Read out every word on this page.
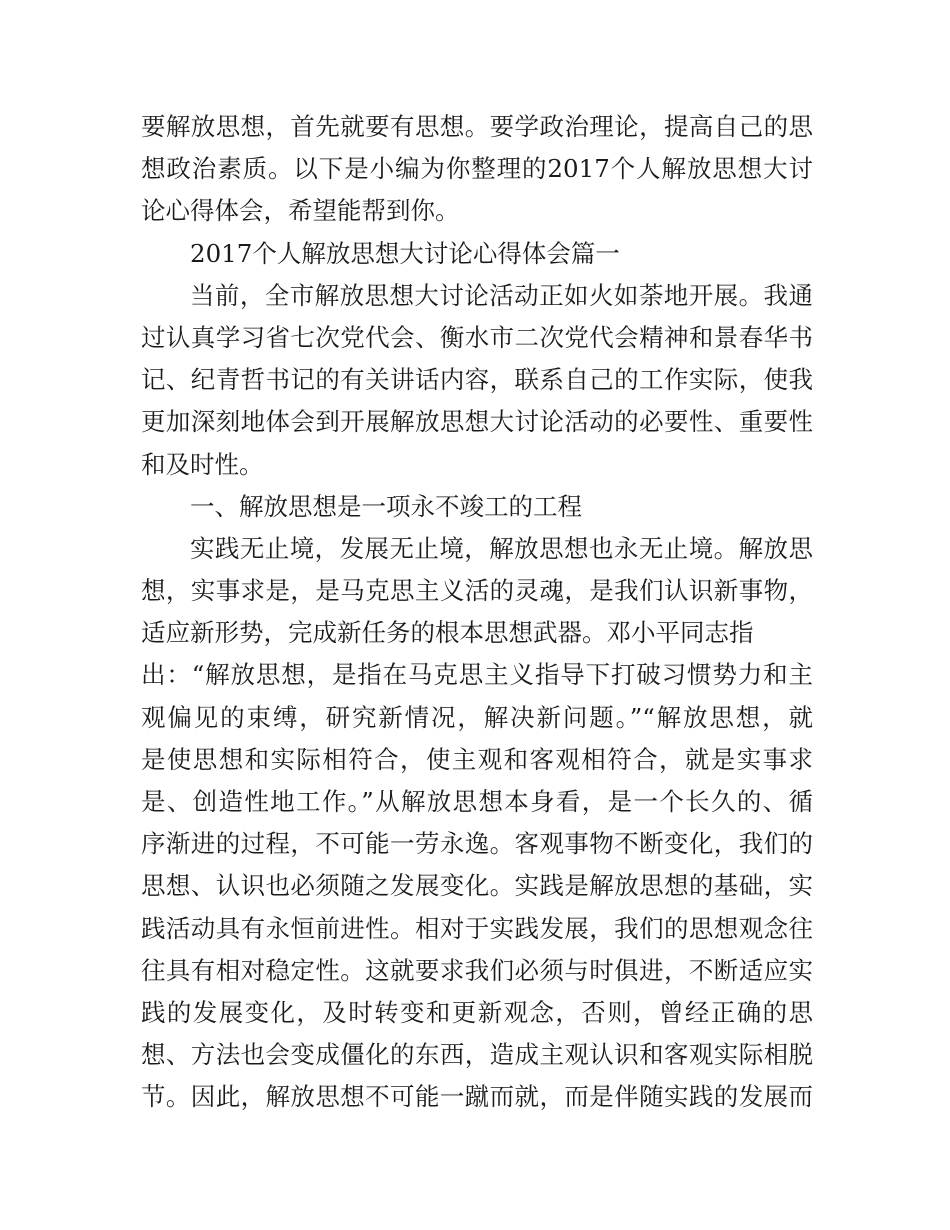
要解放思想，首先就要有思想。要学政治理论，提高自己的思
想政治素质。以下是小编为你整理的2017个人解放思想大讨
论心得体会，希望能帮到你。
2017个人解放思想大讨论心得体会篇一
当前，全市解放思想大讨论活动正如火如荼地开展。我通
过认真学习省七次党代会、衡水市二次党代会精神和景春华书
记、纪青哲书记的有关讲话内容，联系自己的工作实际，使我
更加深刻地体会到开展解放思想大讨论活动的必要性、重要性
和及时性。
一、解放思想是一项永不竣工的工程
实践无止境，发展无止境，解放思想也永无止境。解放思
想，实事求是，是马克思主义活的灵魂，是我们认识新事物，
适应新形势，完成新任务的根本思想武器。邓小平同志指
出：“解放思想，是指在马克思主义指导下打破习惯势力和主
观偏见的束缚，研究新情况，解决新问题。”“解放思想，就
是使思想和实际相符合，使主观和客观相符合，就是实事求
是、创造性地工作。”从解放思想本身看，是一个长久的、循
序渐进的过程，不可能一劳永逸。客观事物不断变化，我们的
思想、认识也必须随之发展变化。实践是解放思想的基础，实
践活动具有永恒前进性。相对于实践发展，我们的思想观念往
往具有相对稳定性。这就要求我们必须与时俱进，不断适应实
践的发展变化，及时转变和更新观念，否则，曾经正确的思
想、方法也会变成僵化的东西，造成主观认识和客观实际相脱
节。因此，解放思想不可能一蹴而就，而是伴随实践的发展而
